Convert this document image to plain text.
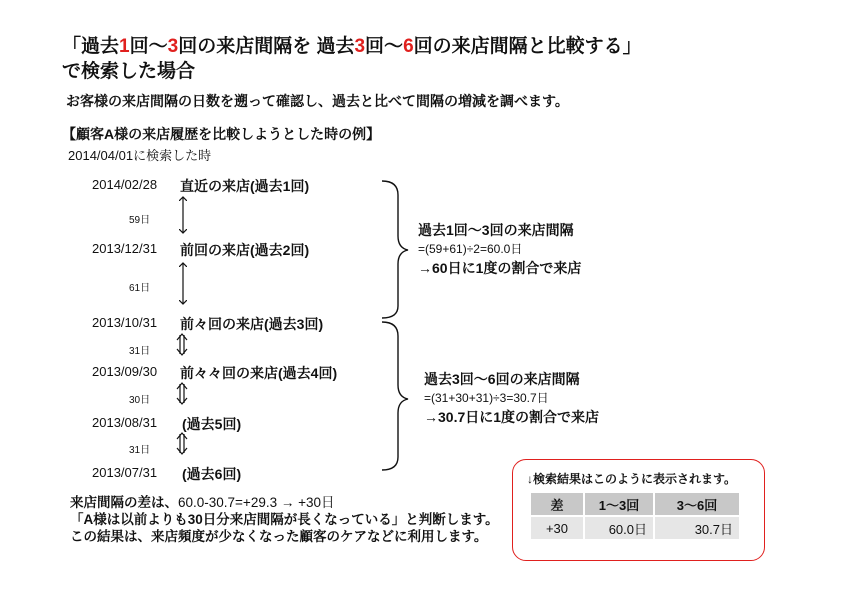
「過去1回～3回の来店間隔を 過去3回～6回の来店間隔と比較する」
で検索した場合
お客様の来店間隔の日数を遡って確認し、過去と比べて間隔の増減を調べます。
【顧客A様の来店履歴を比較しようとした時の例】
2014/04/01に検索した時
2014/02/28 直近の来店(過去1回)
2013/12/31 前回の来店(過去2回)
2013/10/31 前々回の来店(過去3回)
2013/09/30 前々々回の来店(過去4回)
2013/08/31 (過去5回)
2013/07/31 (過去6回)
59日
61日
31日
30日
31日
過去1回～3回の来店間隔
=(59+61)÷2=60.0日
→60日に1度の割合で来店
過去3回～6回の来店間隔
=(31+30+31)÷3=30.7日
→30.7日に1度の割合で来店
来店間隔の差は、60.0-30.7=+29.3 → +30日
「A様は以前よりも30日分来店間隔が長くなっている」と判断します。
この結果は、来店頻度が少なくなった顧客のケアなどに利用します。
↓検索結果はこのように表示されます。
差	1～3回	3～6回
+30	60.0日	30.7日
